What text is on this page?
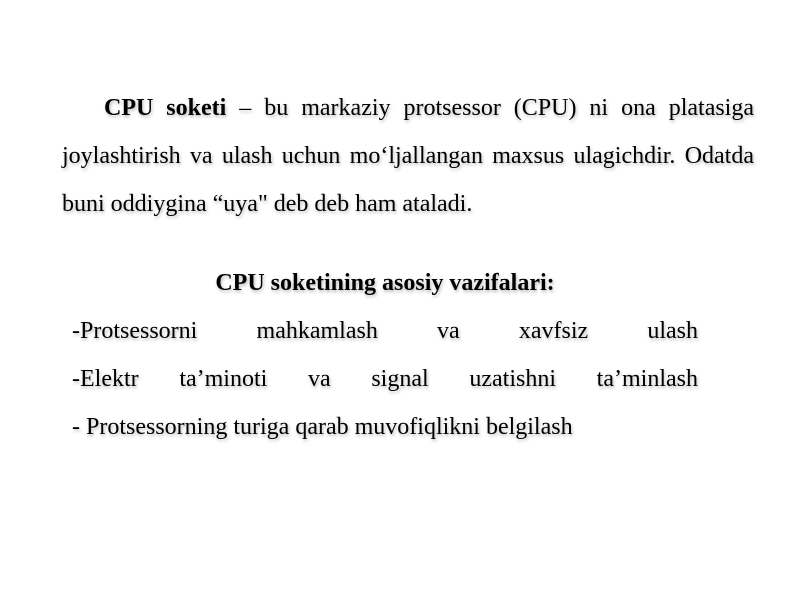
CPU soketi – bu markaziy protsessor (CPU) ni ona platasiga joylashtirish va ulash uchun mo‘ljallangan maxsus ulagichdir. Odatda buni oddiygina “uya" deb deb ham ataladi.

CPU soketining asosiy vazifalari:
-Protsessorni mahkamlash va xavfsiz ulash
-Elektr ta’minoti va signal uzatishni ta’minlash
- Protsessorning turiga qarab muvofiqlikni belgilash
